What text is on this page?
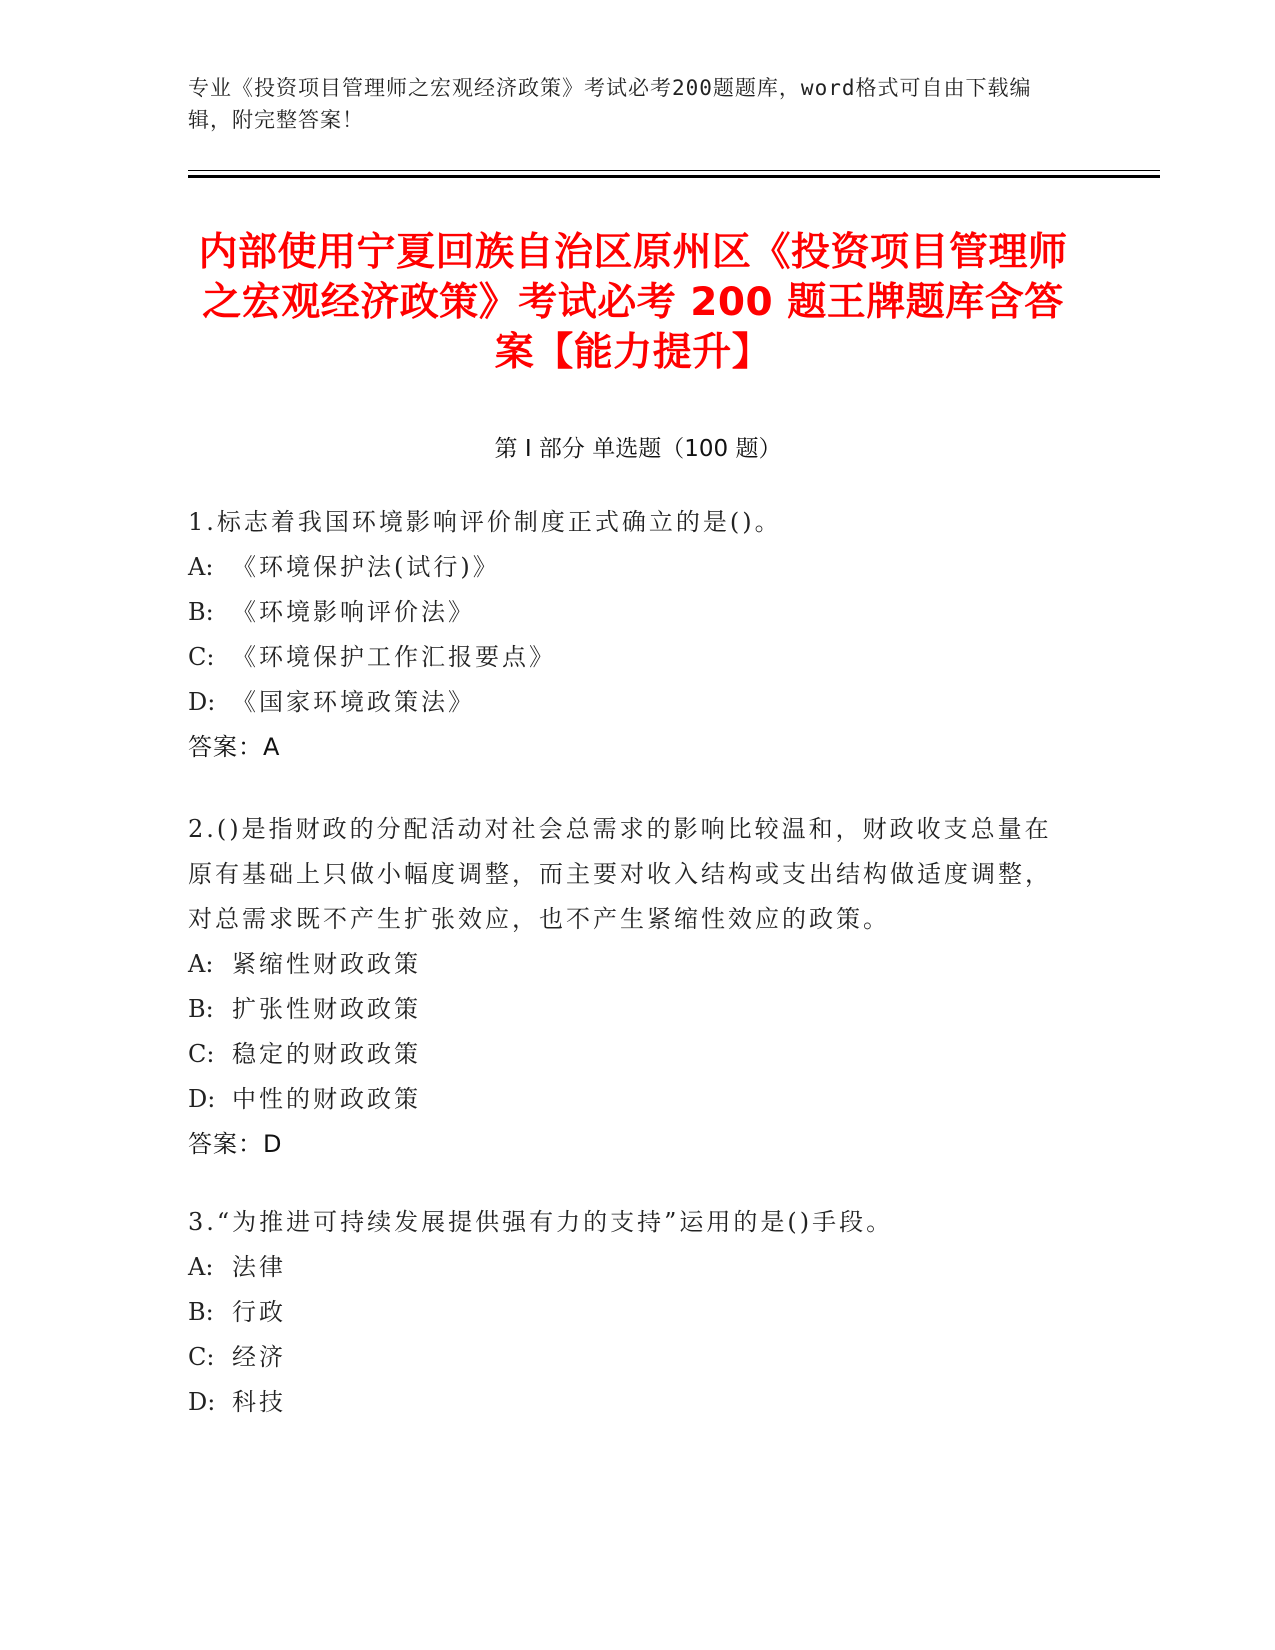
专业《投资项目管理师之宏观经济政策》考试必考200题题库，word格式可自由下载编辑，附完整答案！
内部使用宁夏回族自治区原州区《投资项目管理师之宏观经济政策》考试必考 200 题王牌题库含答案【能力提升】
第 I 部分 单选题（100 题）
1.标志着我国环境影响评价制度正式确立的是()。
A: 《环境保护法(试行)》
B: 《环境影响评价法》
C: 《环境保护工作汇报要点》
D: 《国家环境政策法》
答案：A
2.()是指财政的分配活动对社会总需求的影响比较温和，财政收支总量在原有基础上只做小幅度调整，而主要对收入结构或支出结构做适度调整，对总需求既不产生扩张效应，也不产生紧缩性效应的政策。
A: 紧缩性财政政策
B: 扩张性财政政策
C: 稳定的财政政策
D: 中性的财政政策
答案：D
3.“为推进可持续发展提供强有力的支持”运用的是()手段。
A: 法律
B: 行政
C: 经济
D: 科技
